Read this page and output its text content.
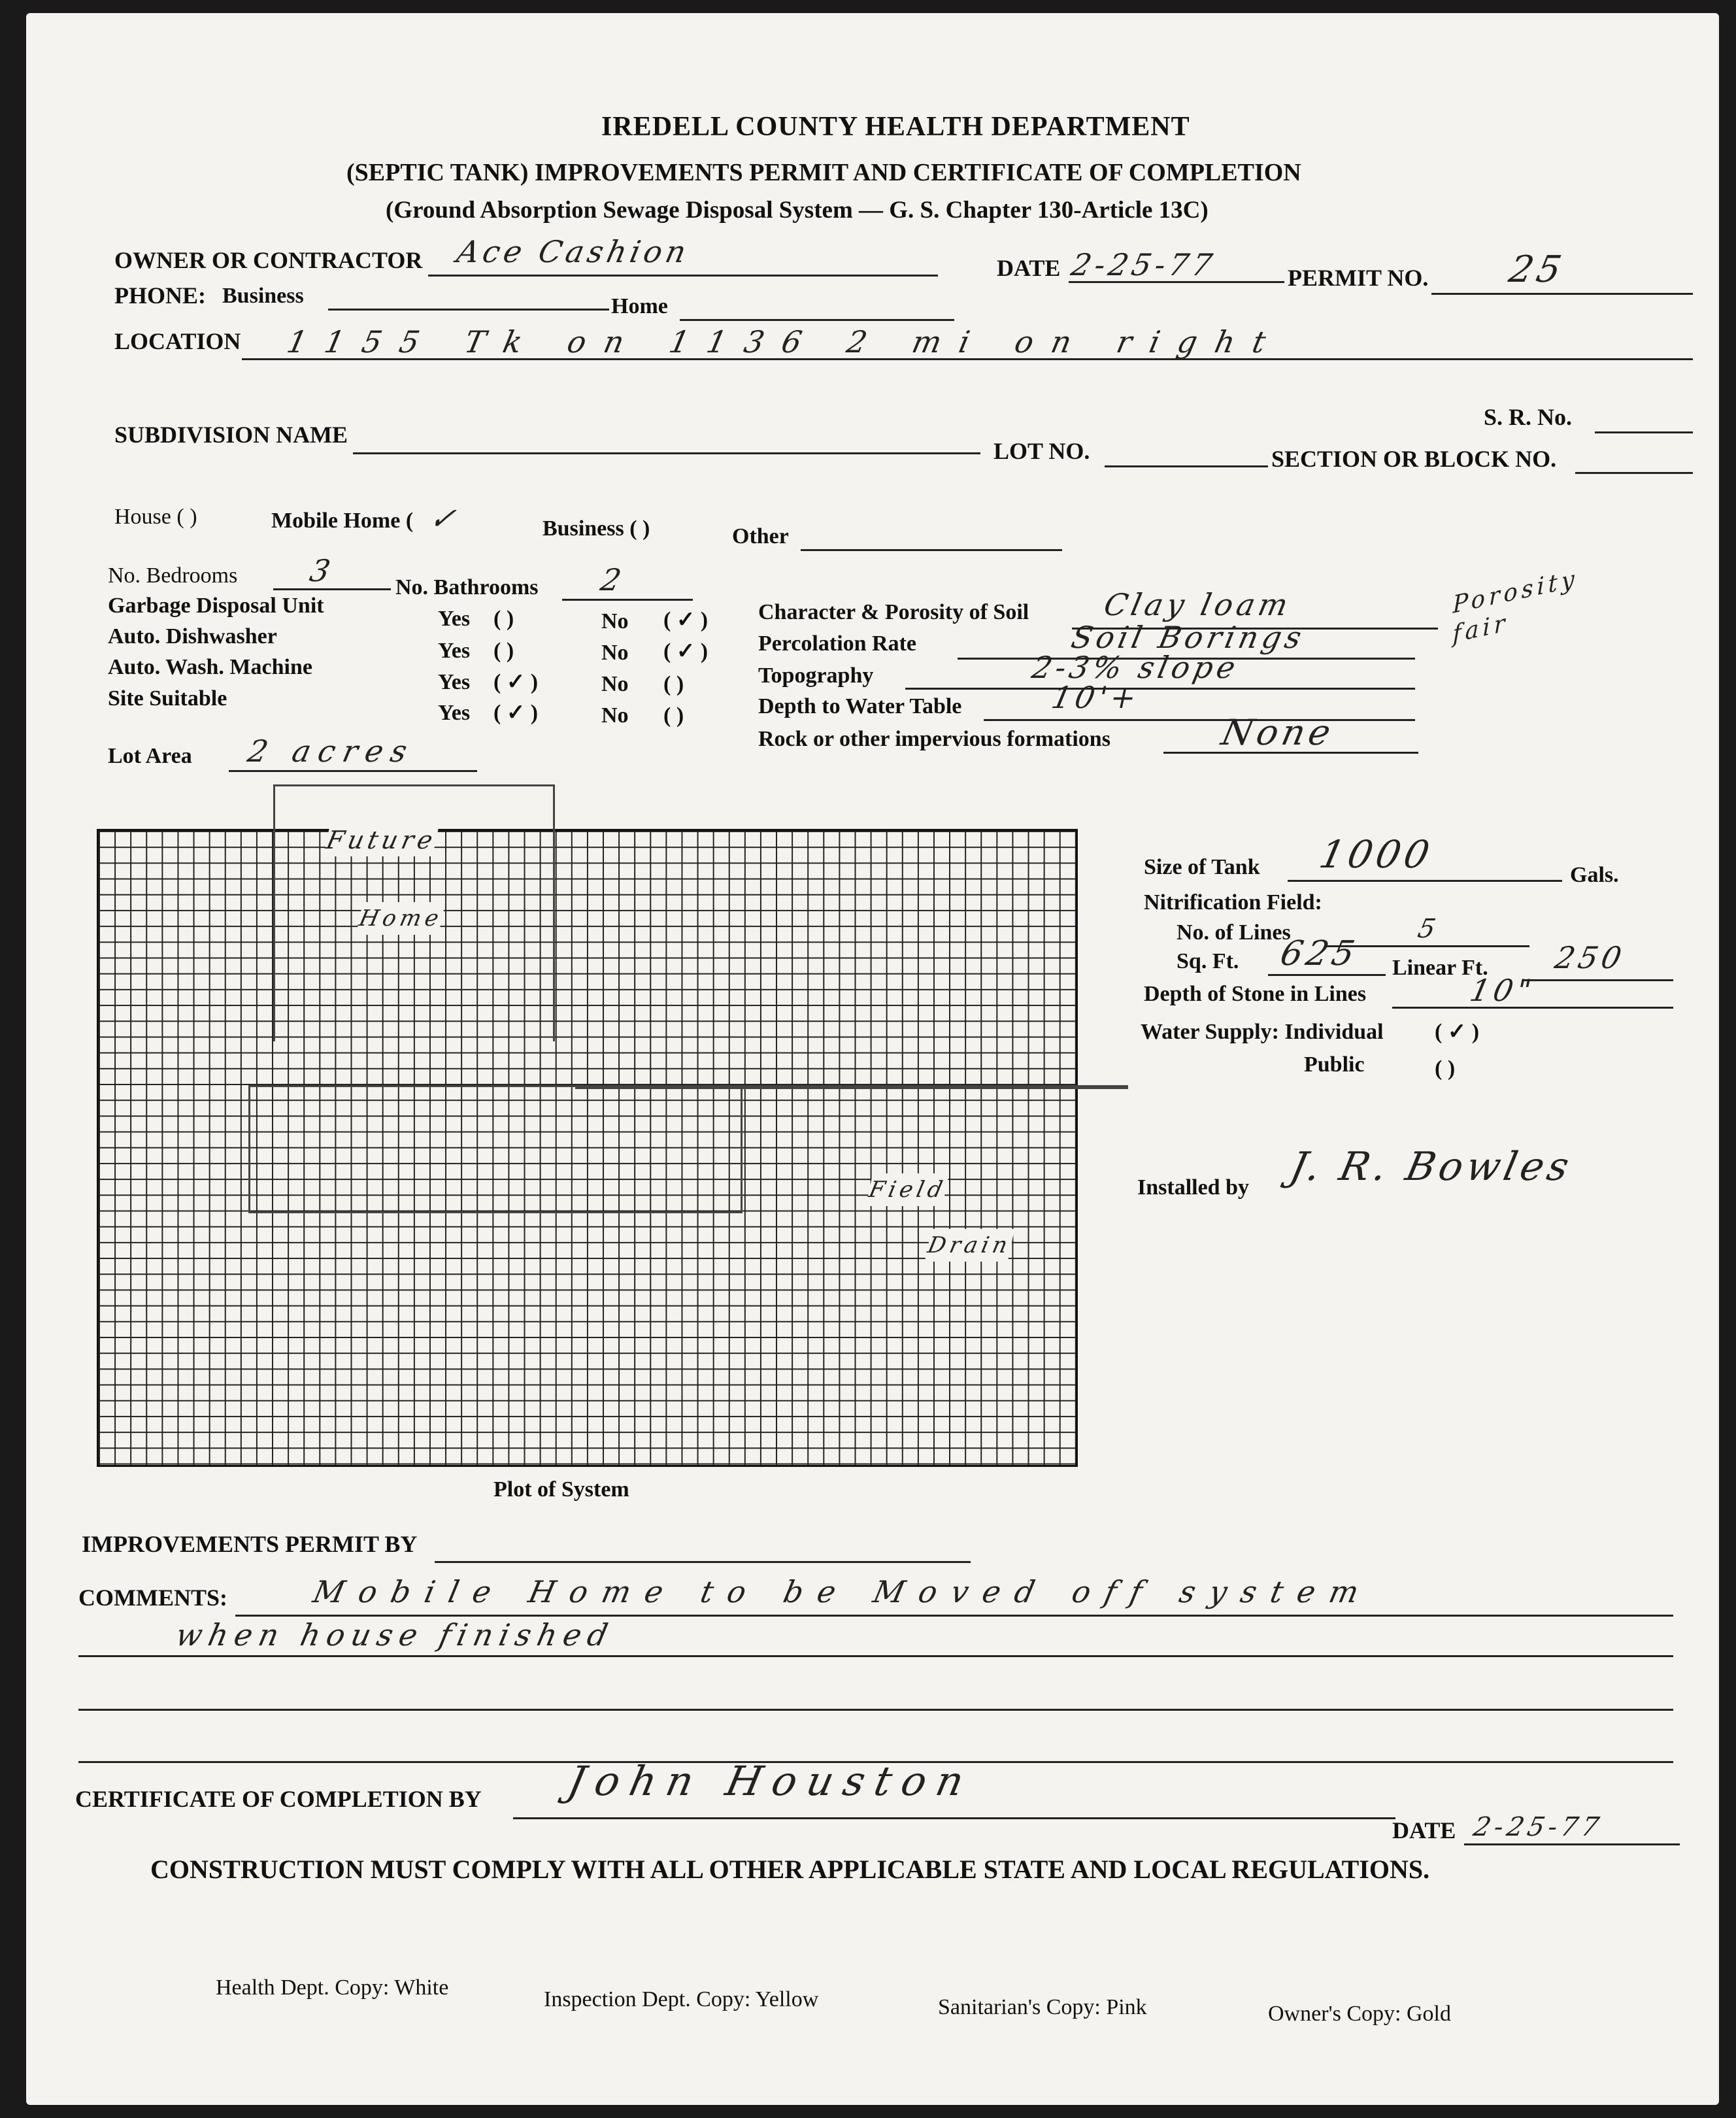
IREDELL COUNTY HEALTH DEPARTMENT
(SEPTIC TANK) IMPROVEMENTS PERMIT AND CERTIFICATE OF COMPLETION
(Ground Absorption Sewage Disposal System — G. S. Chapter 130-Article 13C)
OWNER OR CONTRACTOR Ace Cashion	DATE 2-25-77	PERMIT NO. 25
PHONE: Business	Home
LOCATION 1155 Tk on 1136 2 mi on right
S. R. No.
SUBDIVISION NAME
LOT NO.	SECTION OR BLOCK NO.
House ( )	Mobile Home ( ✓	Business ( )	Other
No. Bedrooms 3	No. Bathrooms 2
Garbage Disposal Unit
Yes ( )	No ( ✓ )
Auto. Dishwasher
Yes ( )	No ( ✓ )
Auto. Wash. Machine
Yes ( ✓ )	No ( )
Site Suitable
Yes ( ✓ )	No ( )
Lot Area 2 acres
Character & Porosity of Soil Clay loam	Porosity fair
Percolation Rate	Soil Borings
Topography	2-3% slope
Depth to Water Table	10'+
Rock or other impervious formations	None
Future
Home
Field
Drain
Plot of System
Size of Tank 1000	Gals.
Nitrification Field:
No. of Lines	5
Sq. Ft. 625 Linear Ft. 250
Depth of Stone in Lines	10"
Water Supply: Individual ( ✓ )
Public	( )
Installed by J. R. Bowles
IMPROVEMENTS PERMIT BY
COMMENTS:	Mobile Home to be Moved off system
when house finished
CERTIFICATE OF COMPLETION BY John Houston
DATE 2-25-77
CONSTRUCTION MUST COMPLY WITH ALL OTHER APPLICABLE STATE AND LOCAL REGULATIONS.
Health Dept. Copy: White	Inspection Dept. Copy: Yellow	Sanitarian's Copy: Pink	Owner's Copy: Gold
